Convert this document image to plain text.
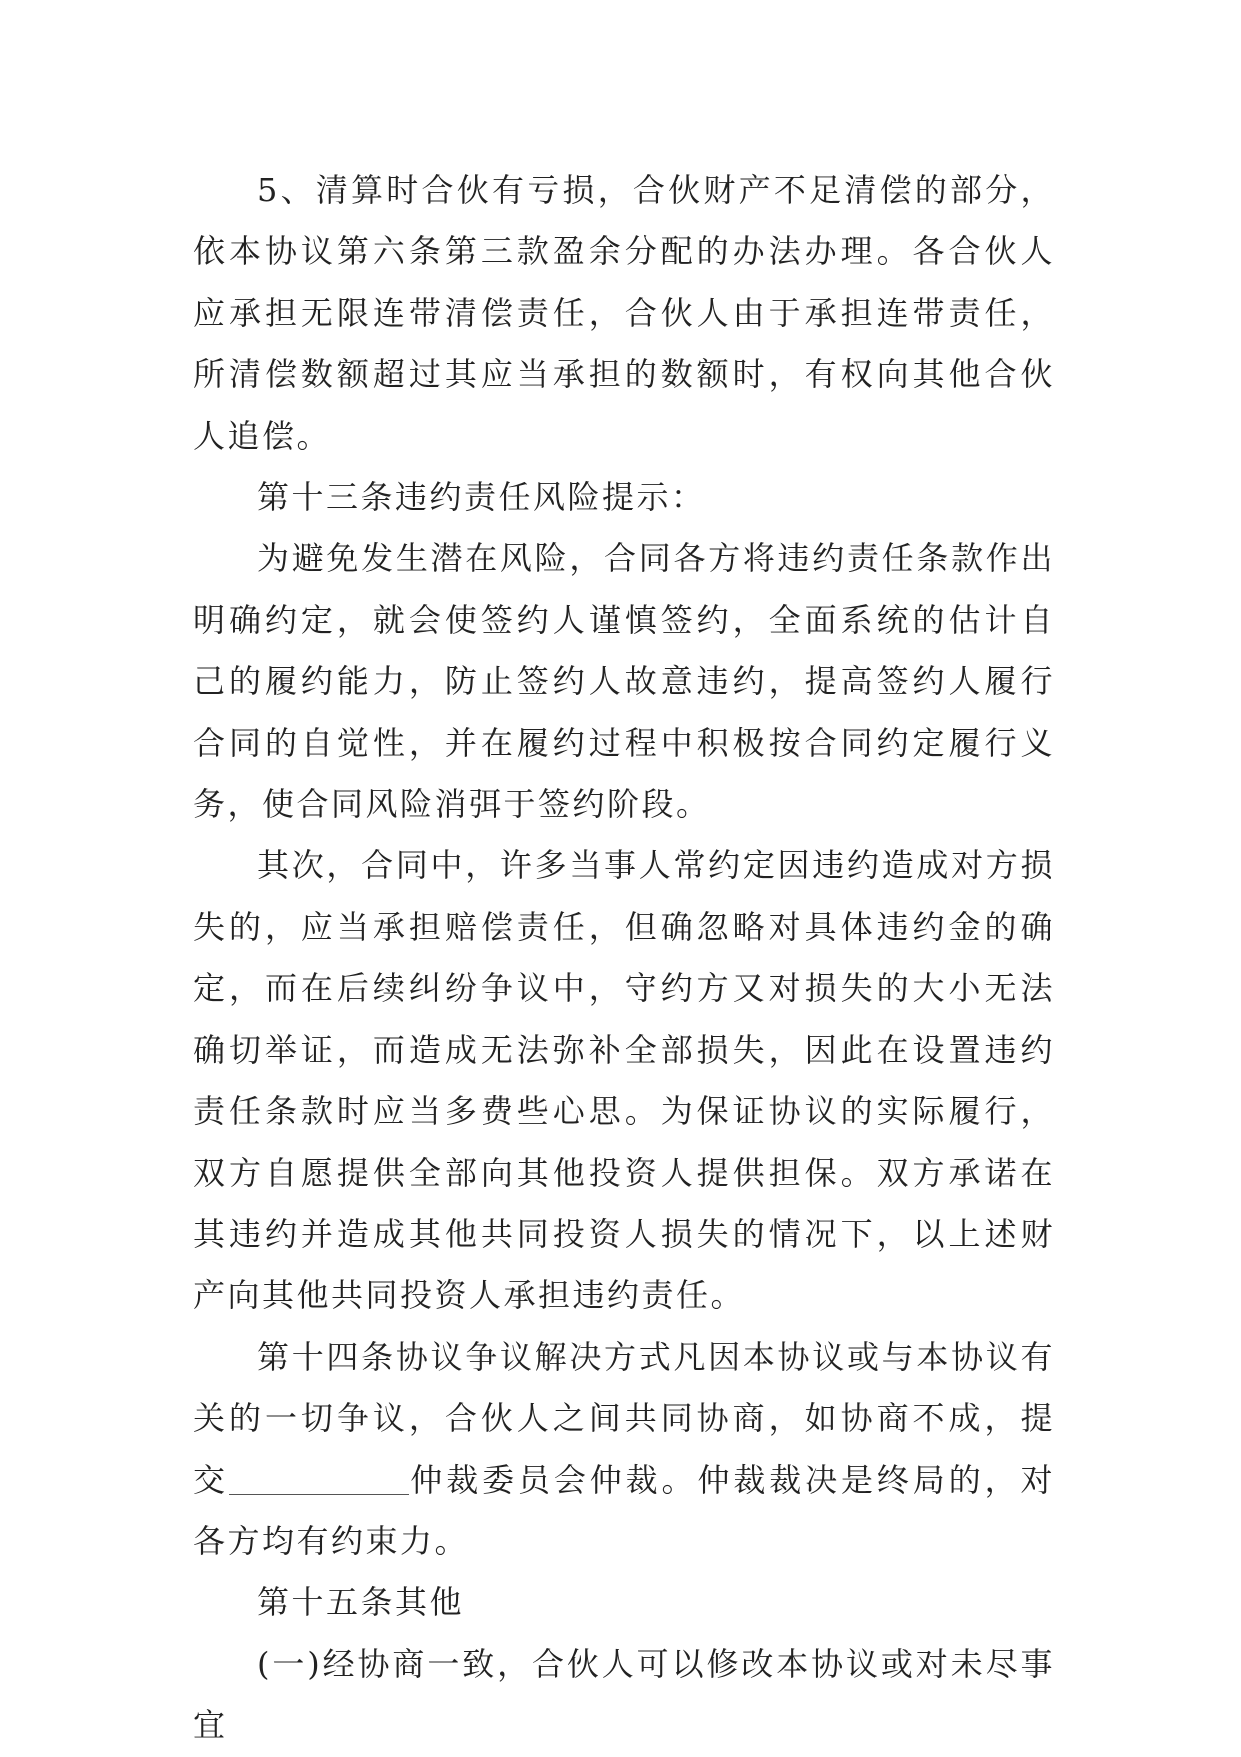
5、清算时合伙有亏损，合伙财产不足清偿的部分，依本协议第六条第三款盈余分配的办法办理。各合伙人应承担无限连带清偿责任，合伙人由于承担连带责任，所清偿数额超过其应当承担的数额时，有权向其他合伙人追偿。

第十三条违约责任风险提示：

为避免发生潜在风险，合同各方将违约责任条款作出明确约定，就会使签约人谨慎签约，全面系统的估计自己的履约能力，防止签约人故意违约，提高签约人履行合同的自觉性，并在履约过程中积极按合同约定履行义务，使合同风险消弭于签约阶段。

其次，合同中，许多当事人常约定因违约造成对方损失的，应当承担赔偿责任，但确忽略对具体违约金的确定，而在后续纠纷争议中，守约方又对损失的大小无法确切举证，而造成无法弥补全部损失，因此在设置违约责任条款时应当多费些心思。为保证协议的实际履行，双方自愿提供全部向其他投资人提供担保。双方承诺在其违约并造成其他共同投资人损失的情况下，以上述财产向其他共同投资人承担违约责任。

第十四条协议争议解决方式凡因本协议或与本协议有关的一切争议，合伙人之间共同协商，如协商不成，提交	仲裁委员会仲裁。仲裁裁决是终局的，对各方均有约束力。

第十五条其他

(一)经协商一致，合伙人可以修改本协议或对未尽事宜
